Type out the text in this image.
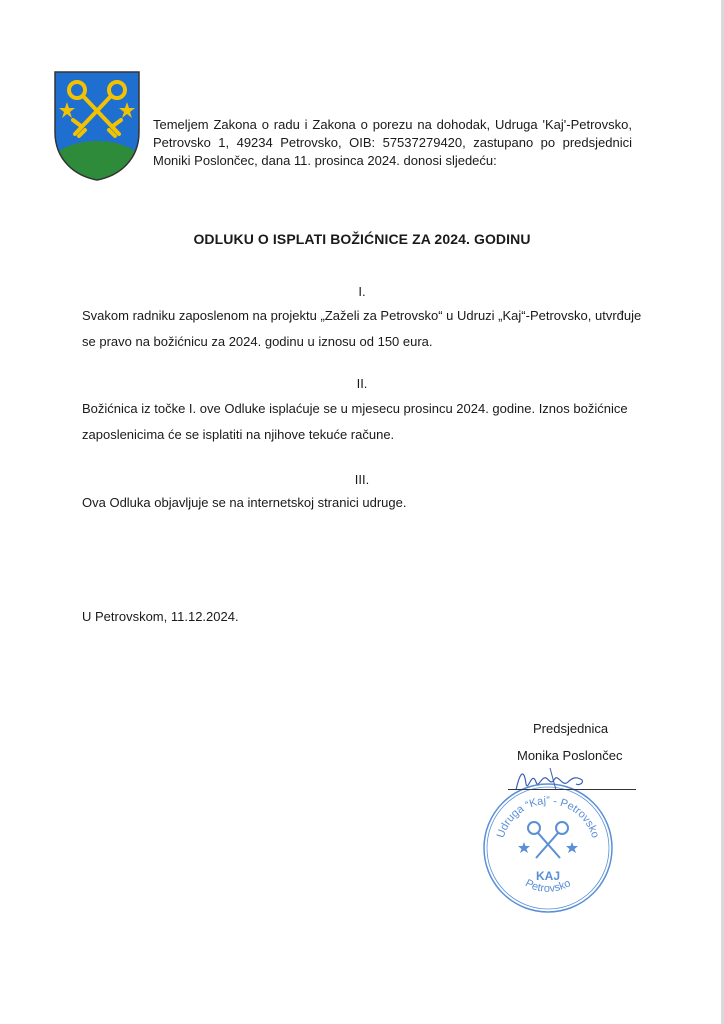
Temeljem Zakona o radu i Zakona o porezu na dohodak, Udruga 'Kaj'-Petrovsko, Petrovsko 1, 49234 Petrovsko, OIB: 57537279420, zastupano po predsjednici Moniki Poslončec, dana 11. prosinca 2024. donosi sljedeću:
ODLUKU O ISPLATI BOŽIĆNICE ZA 2024. GODINU
I.
Svakom radniku zaposlenom na projektu „Zaželi za Petrovsko“ u Udruzi „Kaj“-Petrovsko, utvrđuje se pravo na božićnicu za 2024. godinu u iznosu od 150 eura.
II.
Božićnica iz točke I. ove Odluke isplaćuje se u mjesecu prosincu 2024. godine. Iznos božićnice zaposlenicima će se isplatiti na njihove tekuće račune.
III.
Ova Odluka objavljuje se na internetskoj stranici udruge.
U Petrovskom, 11.12.2024.
Predsjednica
Monika Poslončec
Udruga “Kaj” - Petrovsko
Petrovsko
KAJ
